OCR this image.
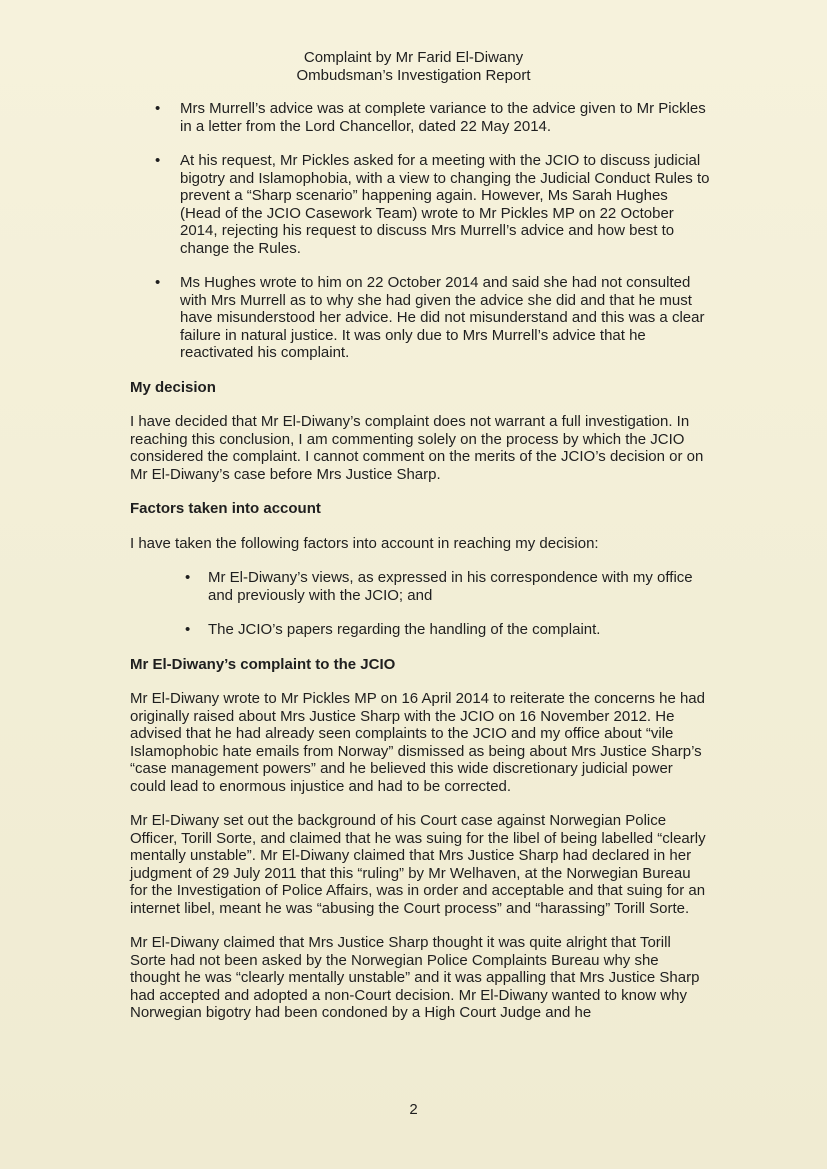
Complaint by Mr Farid El-Diwany
Ombudsman’s Investigation Report
• Mrs Murrell’s advice was at complete variance to the advice given to Mr Pickles in a letter from the Lord Chancellor, dated 22 May 2014.
• At his request, Mr Pickles asked for a meeting with the JCIO to discuss judicial bigotry and Islamophobia, with a view to changing the Judicial Conduct Rules to prevent a “Sharp scenario” happening again. However, Ms Sarah Hughes (Head of the JCIO Casework Team) wrote to Mr Pickles MP on 22 October 2014, rejecting his request to discuss Mrs Murrell’s advice and how best to change the Rules.
• Ms Hughes wrote to him on 22 October 2014 and said she had not consulted with Mrs Murrell as to why she had given the advice she did and that he must have misunderstood her advice. He did not misunderstand and this was a clear failure in natural justice. It was only due to Mrs Murrell’s advice that he reactivated his complaint.
My decision

I have decided that Mr El-Diwany’s complaint does not warrant a full investigation. In reaching this conclusion, I am commenting solely on the process by which the JCIO considered the complaint. I cannot comment on the merits of the JCIO’s decision or on Mr El-Diwany’s case before Mrs Justice Sharp.

Factors taken into account

I have taken the following factors into account in reaching my decision:

• Mr El-Diwany’s views, as expressed in his correspondence with my office and previously with the JCIO; and
• The JCIO’s papers regarding the handling of the complaint.
Mr El-Diwany’s complaint to the JCIO

Mr El-Diwany wrote to Mr Pickles MP on 16 April 2014 to reiterate the concerns he had originally raised about Mrs Justice Sharp with the JCIO on 16 November 2012. He advised that he had already seen complaints to the JCIO and my office about “vile Islamophobic hate emails from Norway” dismissed as being about Mrs Justice Sharp’s “case management powers” and he believed this wide discretionary judicial power could lead to enormous injustice and had to be corrected.

Mr El-Diwany set out the background of his Court case against Norwegian Police Officer, Torill Sorte, and claimed that he was suing for the libel of being labelled “clearly mentally unstable”. Mr El-Diwany claimed that Mrs Justice Sharp had declared in her judgment of 29 July 2011 that this “ruling” by Mr Welhaven, at the Norwegian Bureau for the Investigation of Police Affairs, was in order and acceptable and that suing for an internet libel, meant he was “abusing the Court process” and “harassing” Torill Sorte.

Mr El-Diwany claimed that Mrs Justice Sharp thought it was quite alright that Torill Sorte had not been asked by the Norwegian Police Complaints Bureau why she thought he was “clearly mentally unstable” and it was appalling that Mrs Justice Sharp had accepted and adopted a non-Court decision. Mr El-Diwany wanted to know why Norwegian bigotry had been condoned by a High Court Judge and he

2
